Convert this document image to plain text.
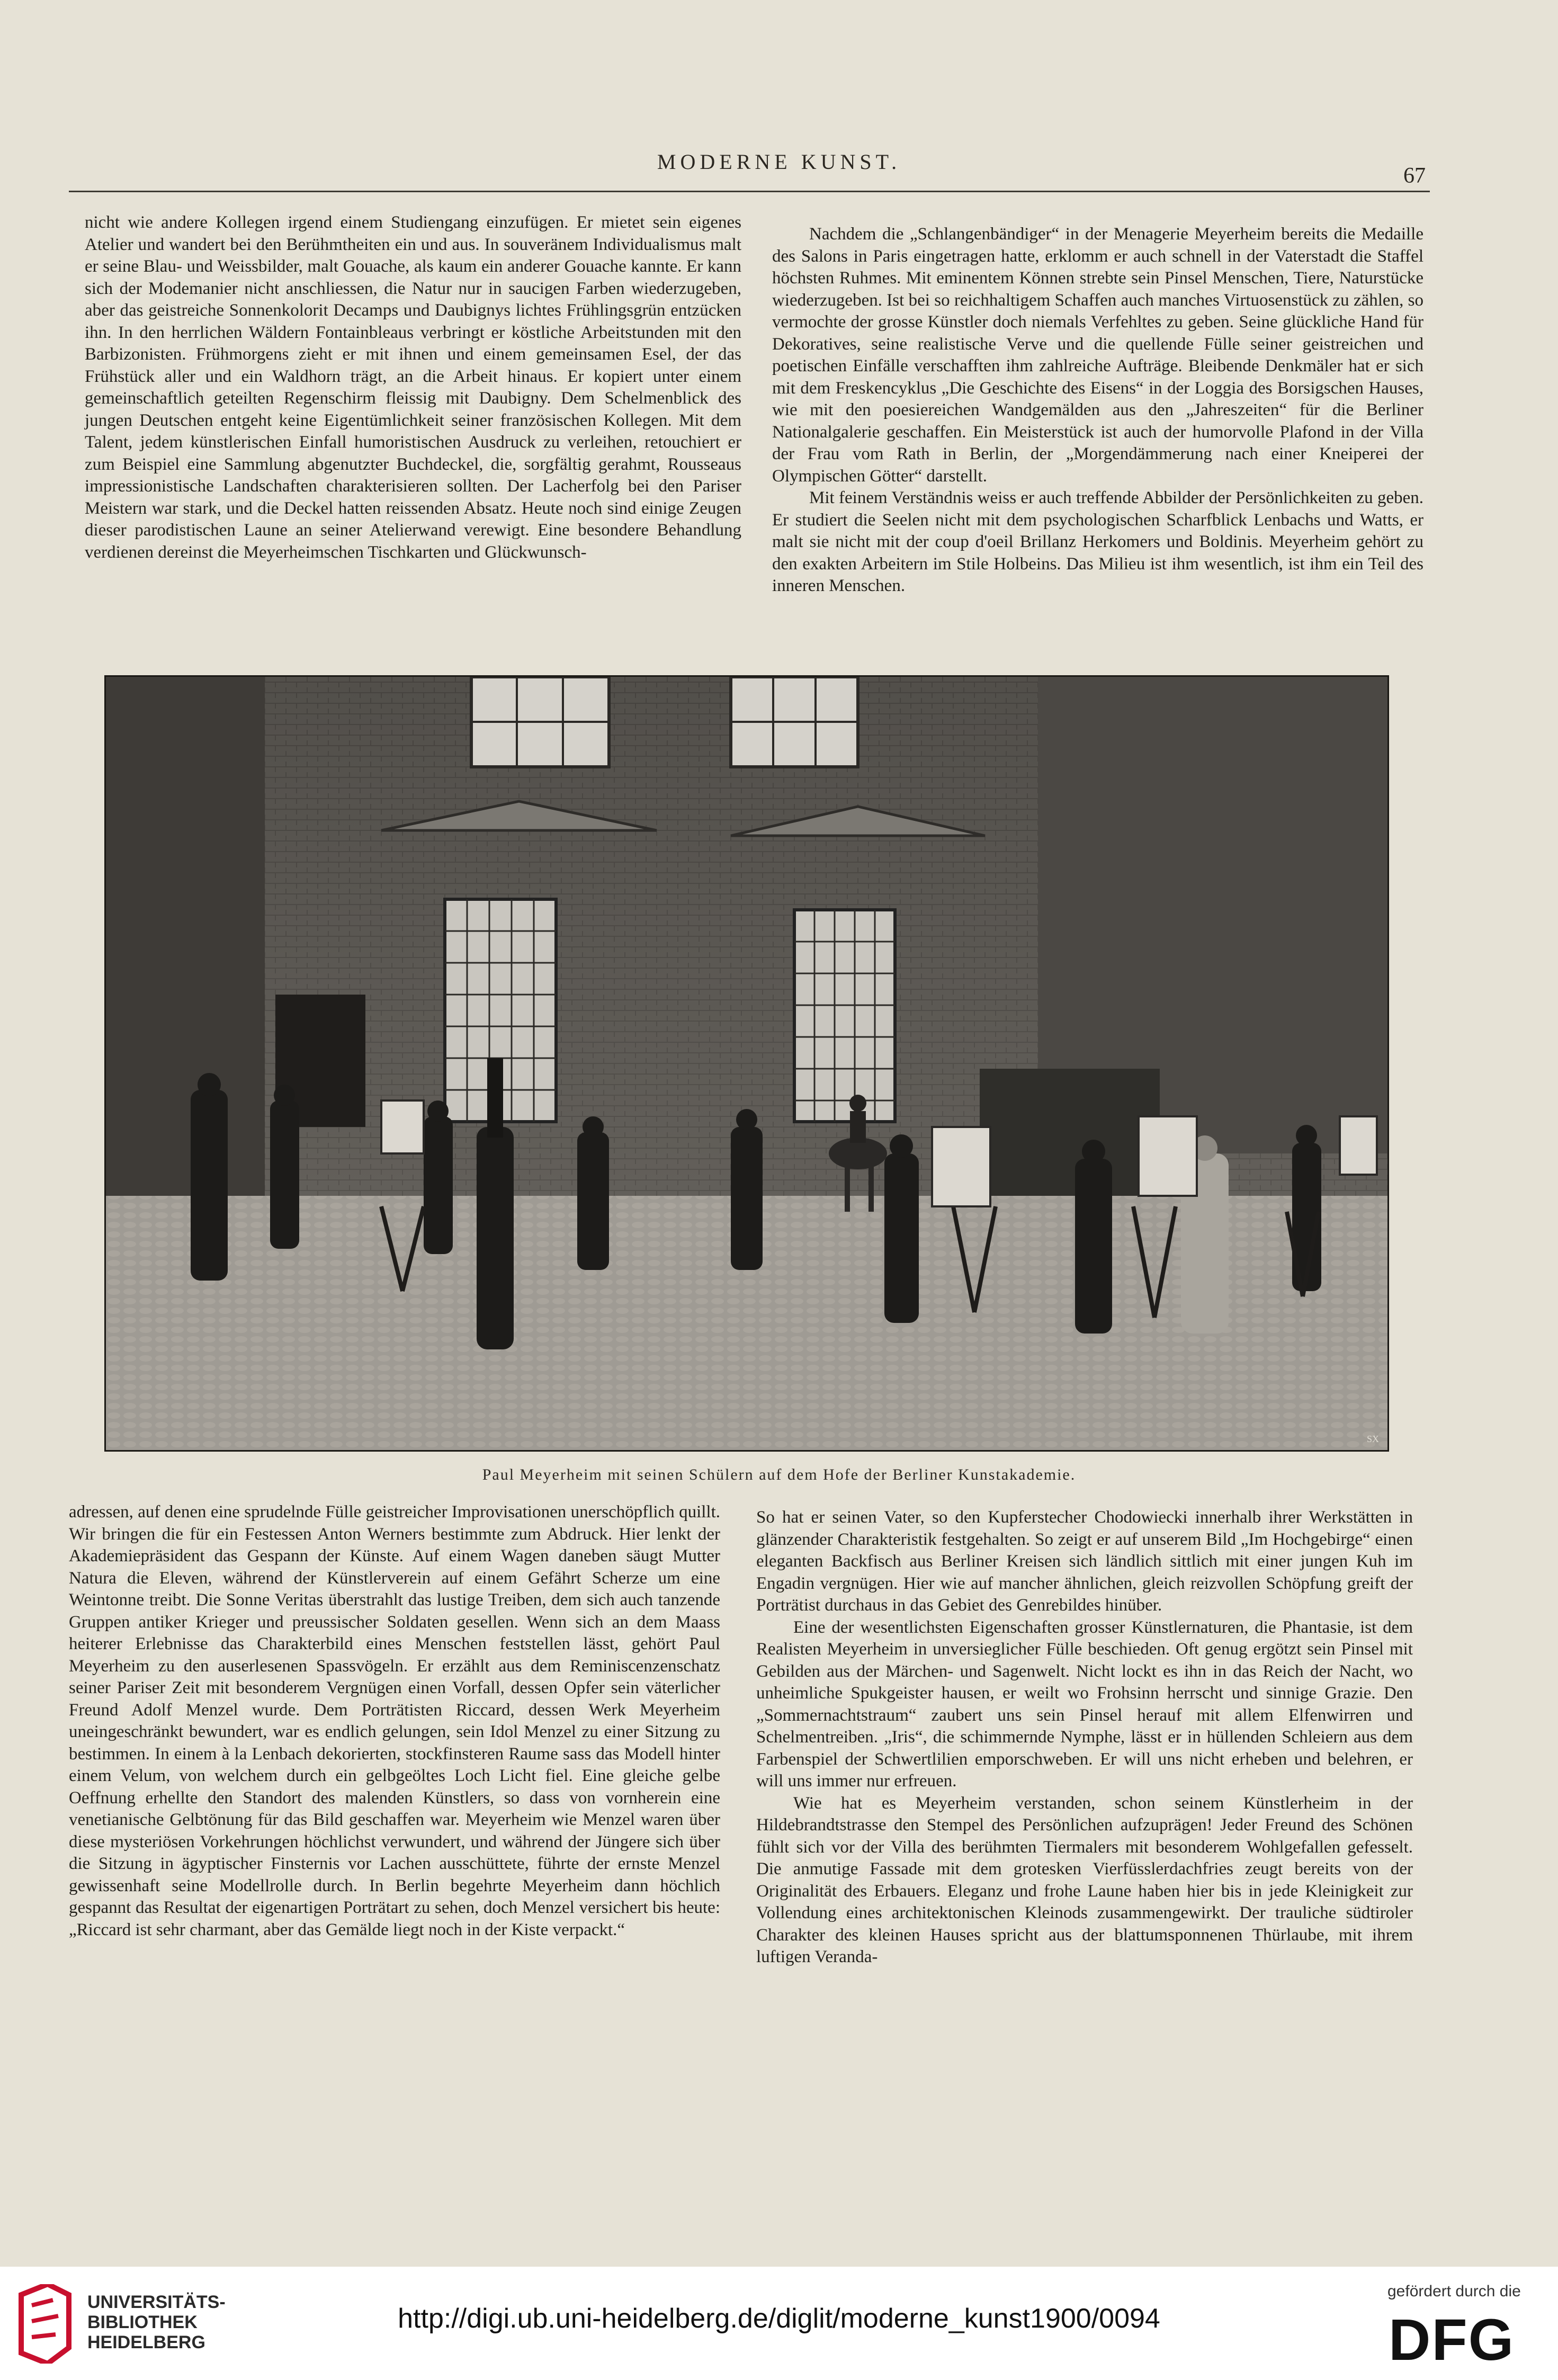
MODERNE KUNST.
67

nicht wie andere Kollegen irgend einem Studiengang einzufügen. Er mietet sein eigenes Atelier und wandert bei den Berühmtheiten ein und aus. In souveränem Individualismus malt er seine Blau- und Weissbilder, malt Gouache, als kaum ein anderer Gouache kannte. Er kann sich der Modemanier nicht anschliessen, die Natur nur in saucigen Farben wiederzugeben, aber das geistreiche Sonnenkolorit Decamps und Daubignys lichtes Frühlingsgrün entzücken ihn. In den herrlichen Wäldern Fontainbleaus verbringt er köstliche Arbeitstunden mit den Barbizonisten. Frühmorgens zieht er mit ihnen und einem gemeinsamen Esel, der das Frühstück aller und ein Waldhorn trägt, an die Arbeit hinaus. Er kopiert unter einem gemeinschaftlich geteilten Regenschirm fleissig mit Daubigny. Dem Schelmenblick des jungen Deutschen entgeht keine Eigentümlichkeit seiner französischen Kollegen. Mit dem Talent, jedem künstlerischen Einfall humoristischen Ausdruck zu verleihen, retouchiert er zum Beispiel eine Sammlung abgenutzter Buchdeckel, die, sorgfältig gerahmt, Rousseaus impressionistische Landschaften charakterisieren sollten. Der Lacherfolg bei den Pariser Meistern war stark, und die Deckel hatten reissenden Absatz. Heute noch sind einige Zeugen dieser parodistischen Laune an seiner Atelierwand verewigt. Eine besondere Behandlung verdienen dereinst die Meyerheimschen Tischkarten und Glückwunsch-

Nachdem die „Schlangenbändiger“ in der Menagerie Meyerheim bereits die Medaille des Salons in Paris eingetragen hatte, erklomm er auch schnell in der Vaterstadt die Staffel höchsten Ruhmes. Mit eminentem Können strebte sein Pinsel Menschen, Tiere, Naturstücke wiederzugeben. Ist bei so reichhaltigem Schaffen auch manches Virtuosenstück zu zählen, so vermochte der grosse Künstler doch niemals Verfehltes zu geben. Seine glückliche Hand für Dekoratives, seine realistische Verve und die quellende Fülle seiner geistreichen und poetischen Einfälle verschafften ihm zahlreiche Aufträge. Bleibende Denkmäler hat er sich mit dem Freskencyklus „Die Geschichte des Eisens“ in der Loggia des Borsigschen Hauses, wie mit den poesiereichen Wandgemälden aus den „Jahreszeiten“ für die Berliner Nationalgalerie geschaffen. Ein Meisterstück ist auch der humorvolle Plafond in der Villa der Frau vom Rath in Berlin, der „Morgendämmerung nach einer Kneiperei der Olympischen Götter“ darstellt.

Mit feinem Verständnis weiss er auch treffende Abbilder der Persönlichkeiten zu geben. Er studiert die Seelen nicht mit dem psychologischen Scharfblick Lenbachs und Watts, er malt sie nicht mit der coup d'oeil Brillanz Herkomers und Boldinis. Meyerheim gehört zu den exakten Arbeitern im Stile Holbeins. Das Milieu ist ihm wesentlich, ist ihm ein Teil des inneren Menschen.

SX
Paul Meyerheim mit seinen Schülern auf dem Hofe der Berliner Kunstakademie.

adressen, auf denen eine sprudelnde Fülle geistreicher Improvisationen unerschöpflich quillt. Wir bringen die für ein Festessen Anton Werners bestimmte zum Abdruck. Hier lenkt der Akademiepräsident das Gespann der Künste. Auf einem Wagen daneben säugt Mutter Natura die Eleven, während der Künstlerverein auf einem Gefährt Scherze um eine Weintonne treibt. Die Sonne Veritas überstrahlt das lustige Treiben, dem sich auch tanzende Gruppen antiker Krieger und preussischer Soldaten gesellen. Wenn sich an dem Maass heiterer Erlebnisse das Charakterbild eines Menschen feststellen lässt, gehört Paul Meyerheim zu den auserlesenen Spassvögeln. Er erzählt aus dem Reminiscenzenschatz seiner Pariser Zeit mit besonderem Vergnügen einen Vorfall, dessen Opfer sein väterlicher Freund Adolf Menzel wurde. Dem Porträtisten Riccard, dessen Werk Meyerheim uneingeschränkt bewundert, war es endlich gelungen, sein Idol Menzel zu einer Sitzung zu bestimmen. In einem à la Lenbach dekorierten, stockfinsteren Raume sass das Modell hinter einem Velum, von welchem durch ein gelbgeöltes Loch Licht fiel. Eine gleiche gelbe Oeffnung erhellte den Standort des malenden Künstlers, so dass von vornherein eine venetianische Gelbtönung für das Bild geschaffen war. Meyerheim wie Menzel waren über diese mysteriösen Vorkehrungen höchlichst verwundert, und während der Jüngere sich über die Sitzung in ägyptischer Finsternis vor Lachen ausschüttete, führte der ernste Menzel gewissenhaft seine Modellrolle durch. In Berlin begehrte Meyerheim dann höchlich gespannt das Resultat der eigenartigen Porträtart zu sehen, doch Menzel versichert bis heute: „Riccard ist sehr charmant, aber das Gemälde liegt noch in der Kiste verpackt.“

So hat er seinen Vater, so den Kupferstecher Chodowiecki innerhalb ihrer Werkstätten in glänzender Charakteristik festgehalten. So zeigt er auf unserem Bild „Im Hochgebirge“ einen eleganten Backfisch aus Berliner Kreisen sich ländlich sittlich mit einer jungen Kuh im Engadin vergnügen. Hier wie auf mancher ähnlichen, gleich reizvollen Schöpfung greift der Porträtist durchaus in das Gebiet des Genrebildes hinüber.

Eine der wesentlichsten Eigenschaften grosser Künstlernaturen, die Phantasie, ist dem Realisten Meyerheim in unversieglicher Fülle beschieden. Oft genug ergötzt sein Pinsel mit Gebilden aus der Märchen- und Sagenwelt. Nicht lockt es ihn in das Reich der Nacht, wo unheimliche Spukgeister hausen, er weilt wo Frohsinn herrscht und sinnige Grazie. Den „Sommernachtstraum“ zaubert uns sein Pinsel herauf mit allem Elfenwirren und Schelmentreiben. „Iris“, die schimmernde Nymphe, lässt er in hüllenden Schleiern aus dem Farbenspiel der Schwertlilien emporschweben. Er will uns nicht erheben und belehren, er will uns immer nur erfreuen.

Wie hat es Meyerheim verstanden, schon seinem Künstlerheim in der Hildebrandtstrasse den Stempel des Persönlichen aufzuprägen! Jeder Freund des Schönen fühlt sich vor der Villa des berühmten Tiermalers mit besonderem Wohlgefallen gefesselt. Die anmutige Fassade mit dem grotesken Vierfüsslerdachfries zeugt bereits von der Originalität des Erbauers. Eleganz und frohe Laune haben hier bis in jede Kleinigkeit zur Vollendung eines architektonischen Kleinods zusammengewirkt. Der trauliche südtiroler Charakter des kleinen Hauses spricht aus der blattumsponnenen Thürlaube, mit ihrem luftigen Veranda-

UNIVERSITÄTS-
BIBLIOTHEK
HEIDELBERG
http://digi.ub.uni-heidelberg.de/diglit/moderne_kunst1900/0094
gefördert durch die
DFG
